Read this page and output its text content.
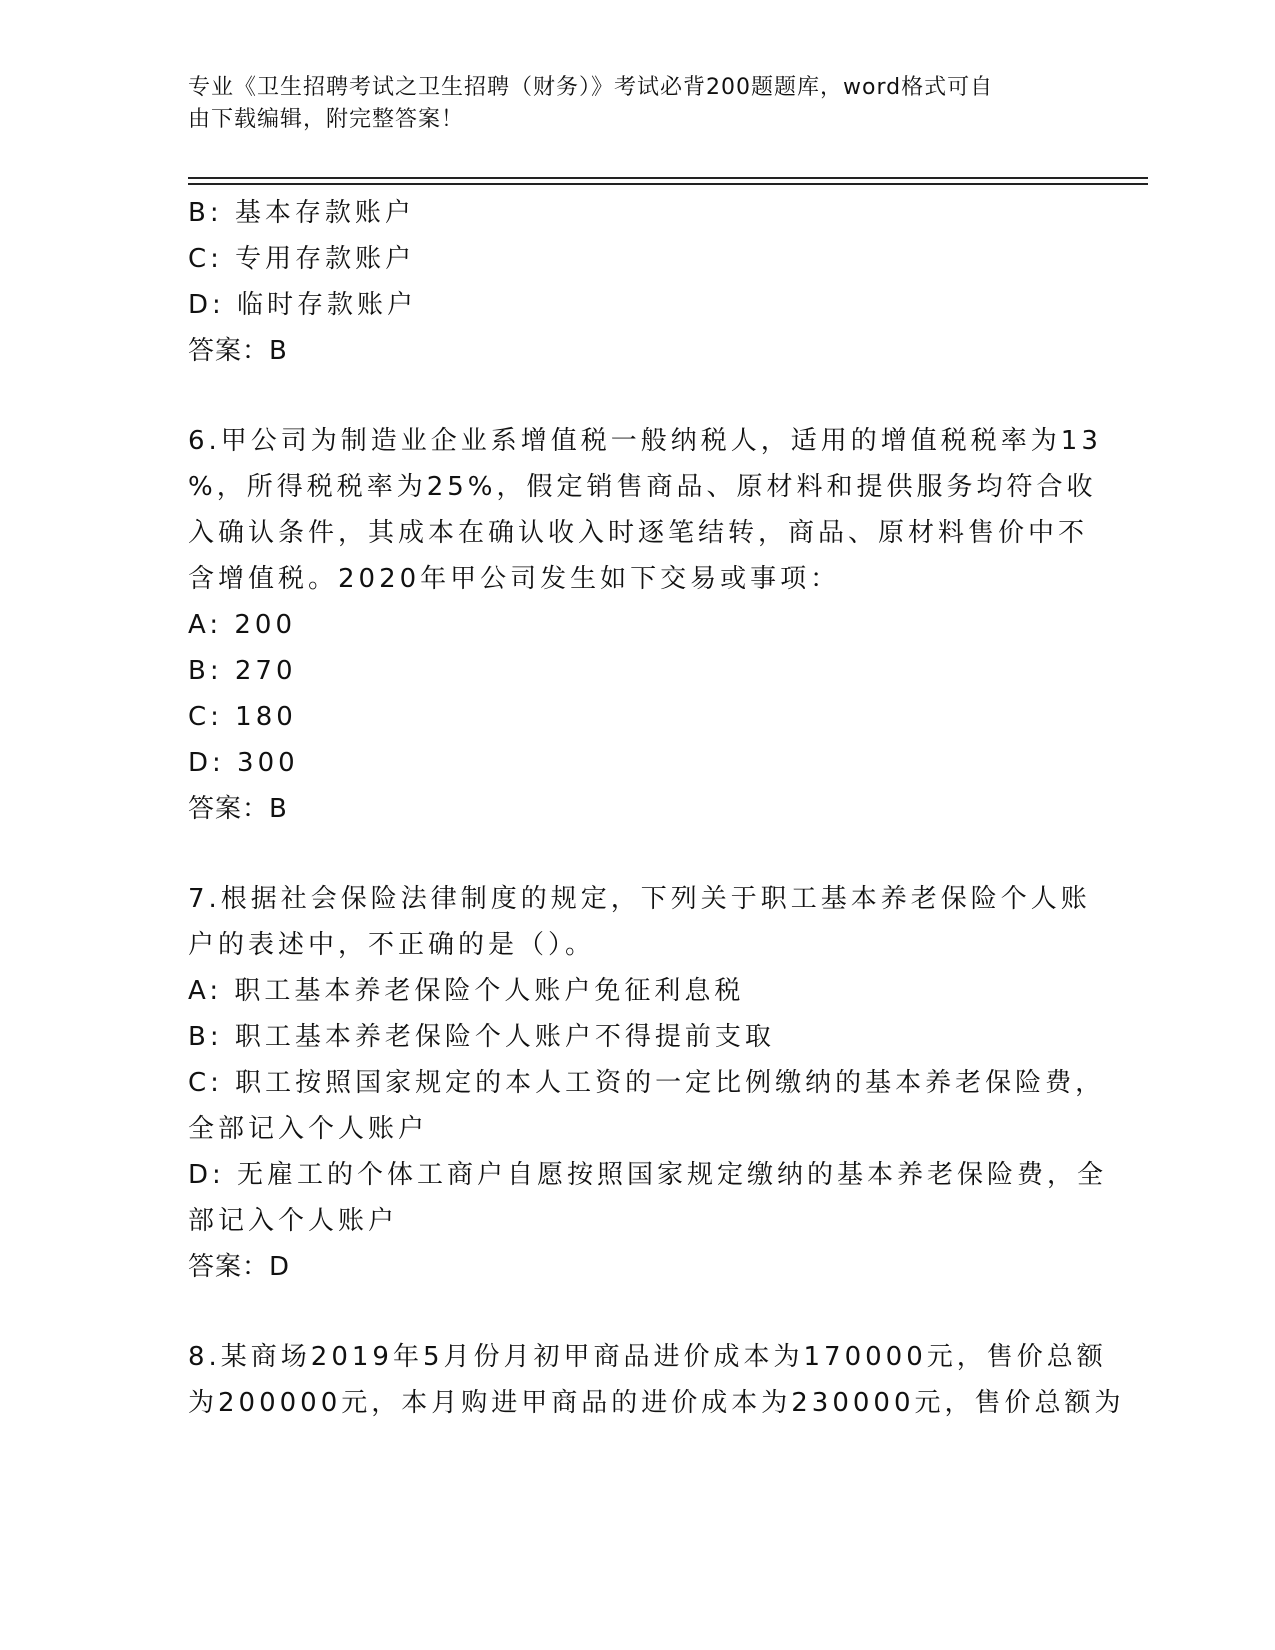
专业《卫生招聘考试之卫生招聘（财务）》考试必背200题题库，word格式可自
由下载编辑，附完整答案！
B: 基本存款账户
C: 专用存款账户
D: 临时存款账户
答案：B
6.甲公司为制造业企业系增值税一般纳税人，适用的增值税税率为13
%，所得税税率为25%，假定销售商品、原材料和提供服务均符合收
入确认条件，其成本在确认收入时逐笔结转，商品、原材料售价中不
含增值税。2020年甲公司发生如下交易或事项：
A: 200
B: 270
C: 180
D: 300
答案：B
7.根据社会保险法律制度的规定，下列关于职工基本养老保险个人账
户的表述中，不正确的是（）。
A: 职工基本养老保险个人账户免征利息税
B: 职工基本养老保险个人账户不得提前支取
C: 职工按照国家规定的本人工资的一定比例缴纳的基本养老保险费，
全部记入个人账户
D: 无雇工的个体工商户自愿按照国家规定缴纳的基本养老保险费，全
部记入个人账户
答案：D
8.某商场2019年5月份月初甲商品进价成本为170000元，售价总额
为200000元，本月购进甲商品的进价成本为230000元，售价总额为
